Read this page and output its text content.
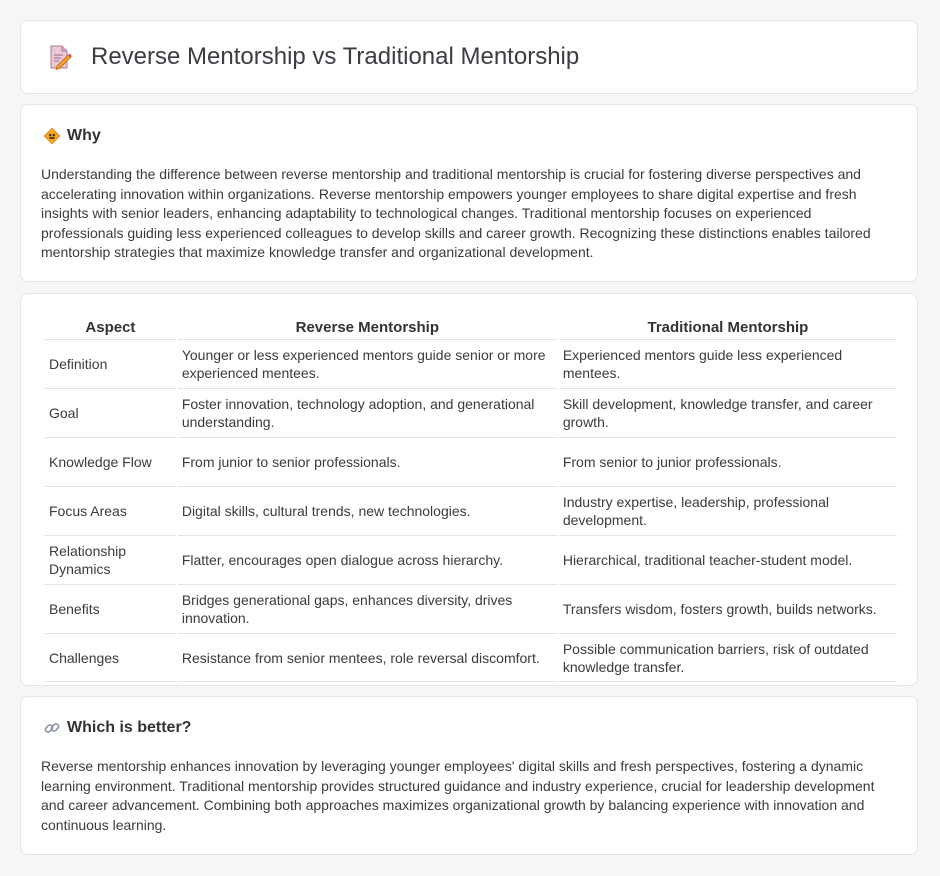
Reverse Mentorship vs Traditional Mentorship
Why

Understanding the difference between reverse mentorship and traditional mentorship is crucial for fostering diverse perspectives and accelerating innovation within organizations. Reverse mentorship empowers younger employees to share digital expertise and fresh insights with senior leaders, enhancing adaptability to technological changes. Traditional mentorship focuses on experienced professionals guiding less experienced colleagues to develop skills and career growth. Recognizing these distinctions enables tailored mentorship strategies that maximize knowledge transfer and organizational development.

Aspect	Reverse Mentorship	Traditional Mentorship
Definition	Younger or less experienced mentors guide senior or more experienced mentees.	Experienced mentors guide less experienced mentees.
Goal	Foster innovation, technology adoption, and generational understanding.	Skill development, knowledge transfer, and career growth.
Knowledge Flow	From junior to senior professionals.	From senior to junior professionals.
Focus Areas	Digital skills, cultural trends, new technologies.	Industry expertise, leadership, professional development.
Relationship Dynamics	Flatter, encourages open dialogue across hierarchy.	Hierarchical, traditional teacher-student model.
Benefits	Bridges generational gaps, enhances diversity, drives innovation.	Transfers wisdom, fosters growth, builds networks.
Challenges	Resistance from senior mentees, role reversal discomfort.	Possible communication barriers, risk of outdated knowledge transfer.
Which is better?

Reverse mentorship enhances innovation by leveraging younger employees' digital skills and fresh perspectives, fostering a dynamic learning environment. Traditional mentorship provides structured guidance and industry experience, crucial for leadership development and career advancement. Combining both approaches maximizes organizational growth by balancing experience with innovation and continuous learning.
